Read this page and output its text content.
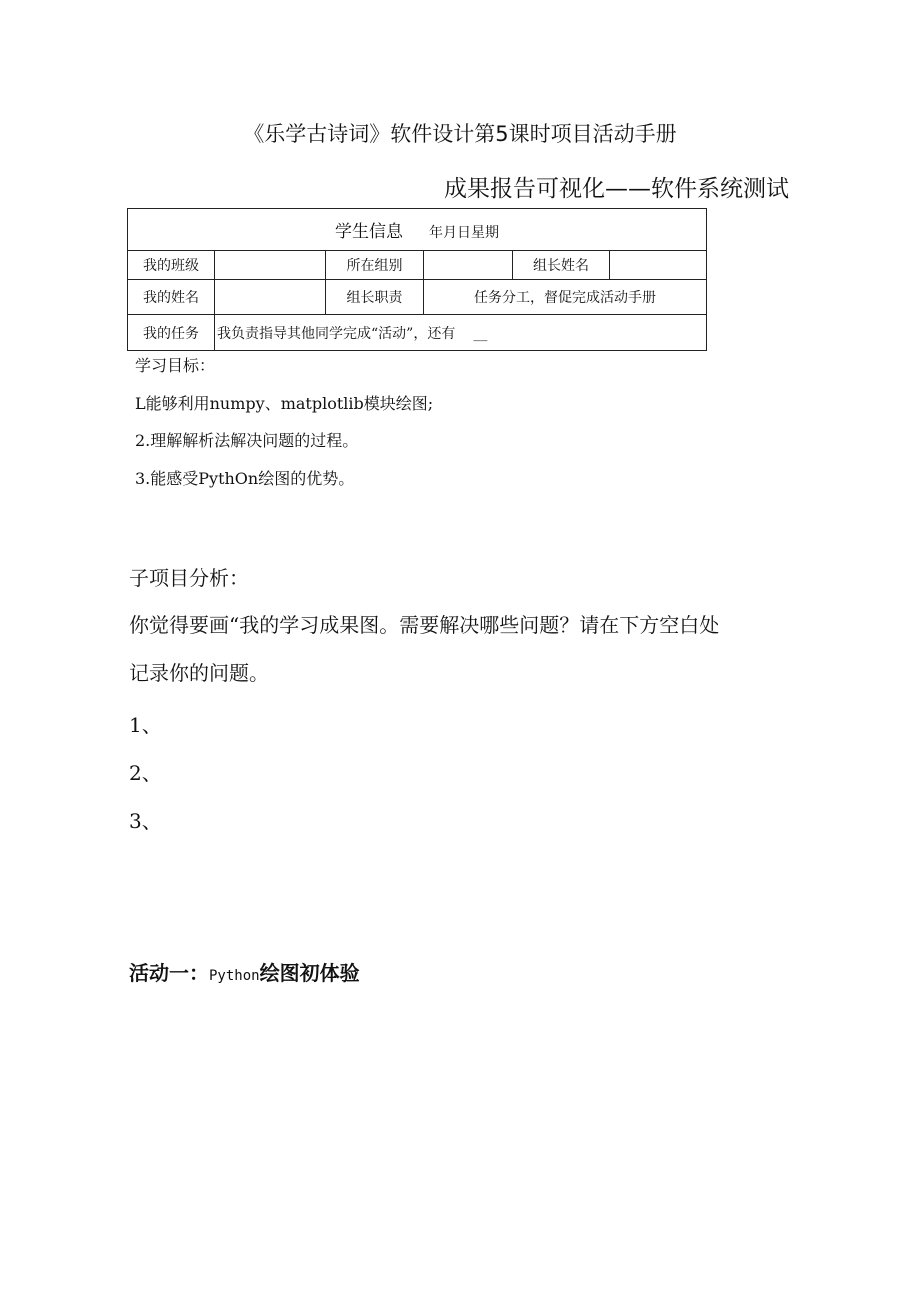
《乐学古诗词》软件设计第5课时项目活动手册
成果报告可视化——软件系统测试
学生信息 年月日星期					
我的班级		所在组别		组长姓名	
我的姓名		组长职责	任务分工，督促完成活动手册		
我的任务	我负责指导其他同学完成“活动”，还有 __				
学习目标：
L能够利用numpy、matplotlib模块绘图;
2.理解解析法解决问题的过程。
3.能感受PythOn绘图的优势。
子项目分析：
你觉得要画“我的学习成果图。需要解决哪些问题？请在下方空白处
记录你的问题。
1、
2、
3、
活动一：Python绘图初体验
